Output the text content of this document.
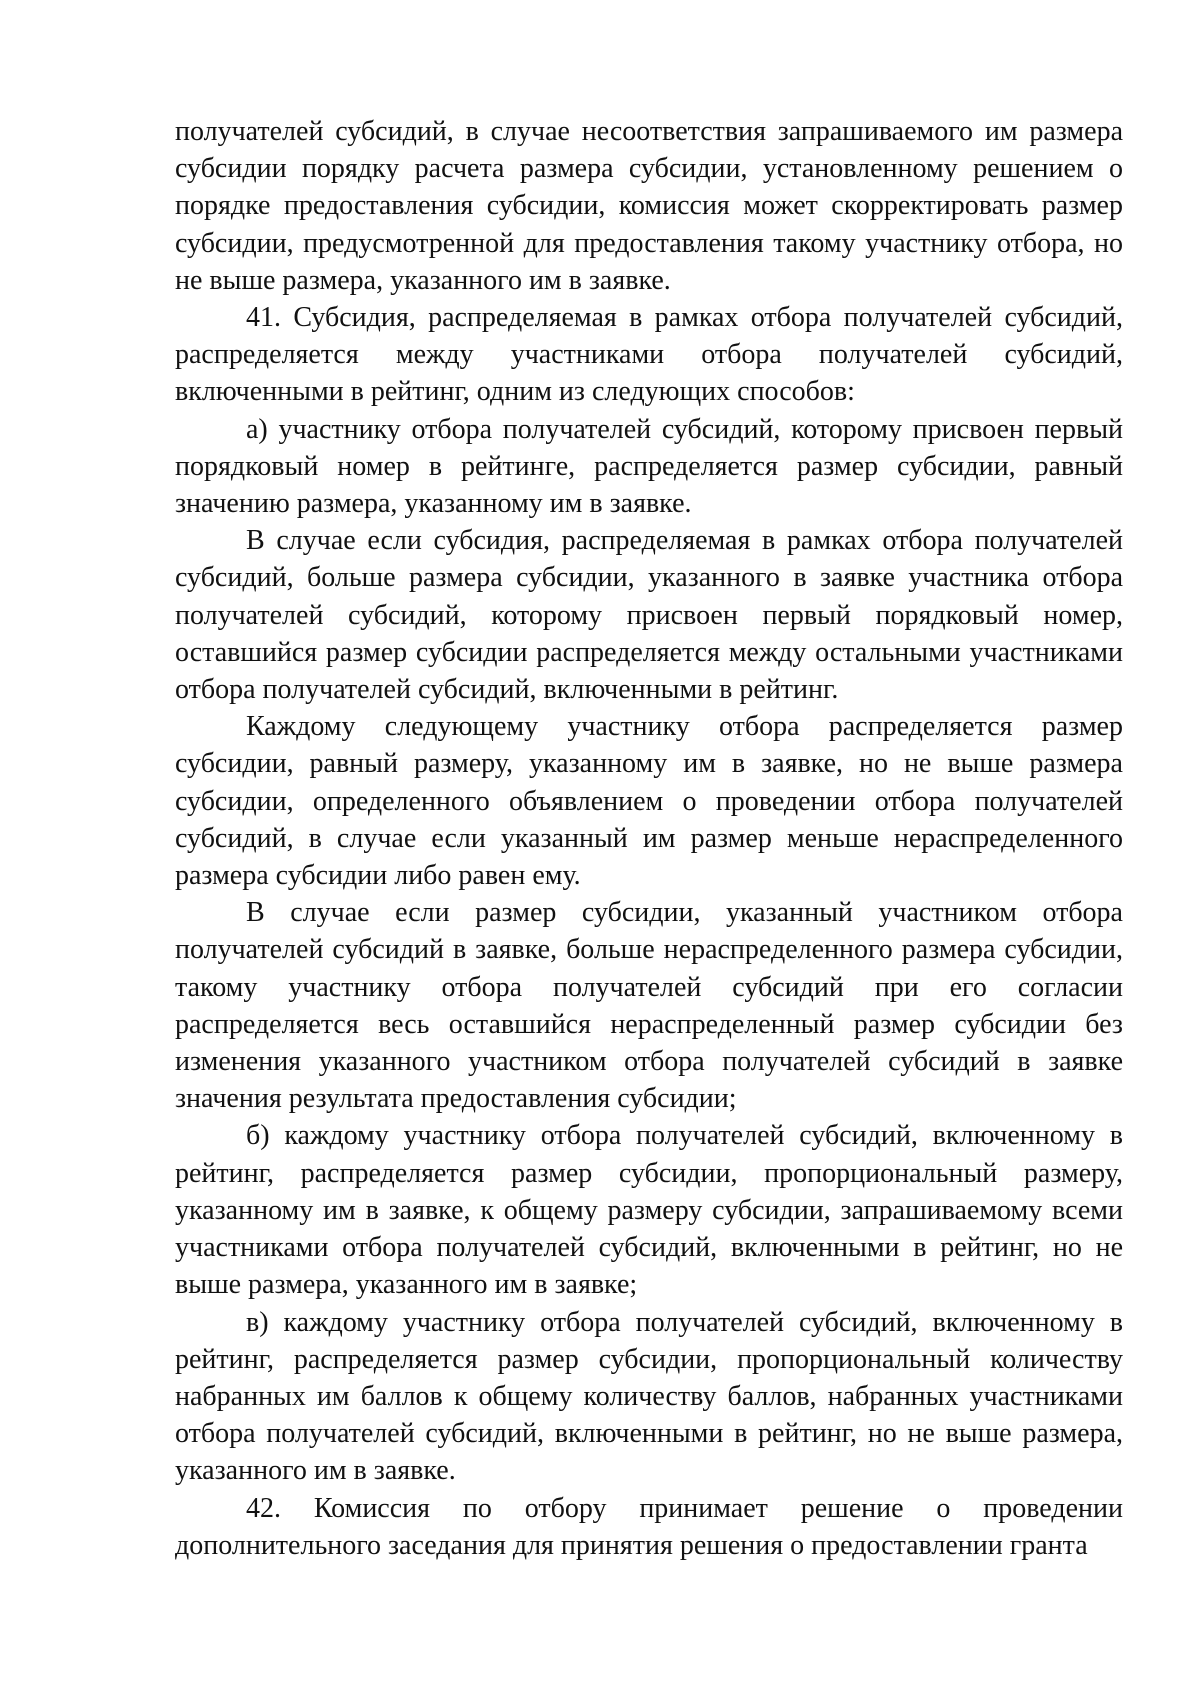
получателей субсидий, в случае несоответствия запрашиваемого им размера субсидии порядку расчета размера субсидии, установленному решением о порядке предоставления субсидии, комиссия может скорректировать размер субсидии, предусмотренной для предоставления такому участнику отбора, но не выше размера, указанного им в заявке.

41. Субсидия, распределяемая в рамках отбора получателей субсидий, распределяется между участниками отбора получателей субсидий, включенными в рейтинг, одним из следующих способов:

а) участнику отбора получателей субсидий, которому присвоен первый порядковый номер в рейтинге, распределяется размер субсидии, равный значению размера, указанному им в заявке.

В случае если субсидия, распределяемая в рамках отбора получателей субсидий, больше размера субсидии, указанного в заявке участника отбора получателей субсидий, которому присвоен первый порядковый номер, оставшийся размер субсидии распределяется между остальными участниками отбора получателей субсидий, включенными в рейтинг.

Каждому следующему участнику отбора распределяется размер субсидии, равный размеру, указанному им в заявке, но не выше размера субсидии, определенного объявлением о проведении отбора получателей субсидий, в случае если указанный им размер меньше нераспределенного размера субсидии либо равен ему.

В случае если размер субсидии, указанный участником отбора получателей субсидий в заявке, больше нераспределенного размера субсидии, такому участнику отбора получателей субсидий при его согласии распределяется весь оставшийся нераспределенный размер субсидии без изменения указанного участником отбора получателей субсидий в заявке значения результата предоставления субсидии;

б) каждому участнику отбора получателей субсидий, включенному в рейтинг, распределяется размер субсидии, пропорциональный размеру, указанному им в заявке, к общему размеру субсидии, запрашиваемому всеми участниками отбора получателей субсидий, включенными в рейтинг, но не выше размера, указанного им в заявке;

в) каждому участнику отбора получателей субсидий, включенному в рейтинг, распределяется размер субсидии, пропорциональный количеству набранных им баллов к общему количеству баллов, набранных участниками отбора получателей субсидий, включенными в рейтинг, но не выше размера, указанного им в заявке.

42. Комиссия по отбору принимает решение о проведении дополнительного заседания для принятия решения о предоставлении гранта
